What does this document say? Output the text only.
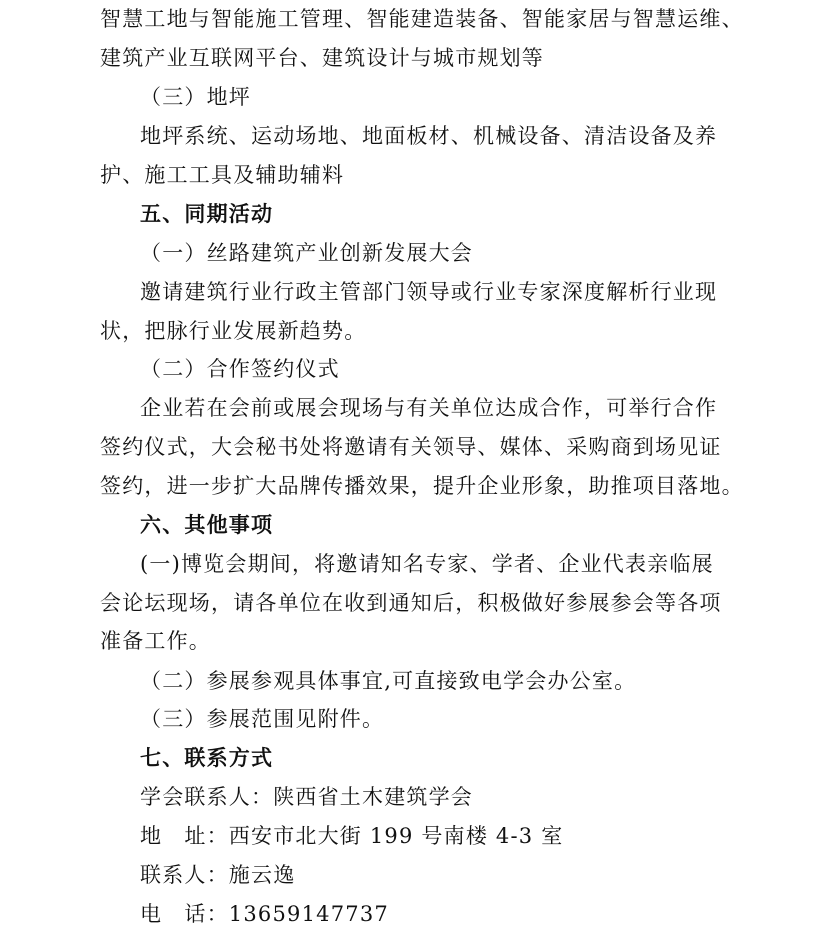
智慧工地与智能施工管理、智能建造装备、智能家居与智慧运维、
建筑产业互联网平台、建筑设计与城市规划等
（三）地坪
地坪系统、运动场地、地面板材、机械设备、清洁设备及养
护、施工工具及辅助辅料
五、同期活动
（一）丝路建筑产业创新发展大会
邀请建筑行业行政主管部门领导或行业专家深度解析行业现
状，把脉行业发展新趋势。
（二）合作签约仪式
企业若在会前或展会现场与有关单位达成合作，可举行合作
签约仪式，大会秘书处将邀请有关领导、媒体、采购商到场见证
签约，进一步扩大品牌传播效果，提升企业形象，助推项目落地。
六、其他事项
(一)博览会期间，将邀请知名专家、学者、企业代表亲临展
会论坛现场，请各单位在收到通知后，积极做好参展参会等各项
准备工作。
（二）参展参观具体事宜,可直接致电学会办公室。
（三）参展范围见附件。
七、联系方式
学会联系人：陕西省土木建筑学会
地　址：西安市北大街 199 号南楼 4-3 室
联系人：施云逸
电　话：13659147737
